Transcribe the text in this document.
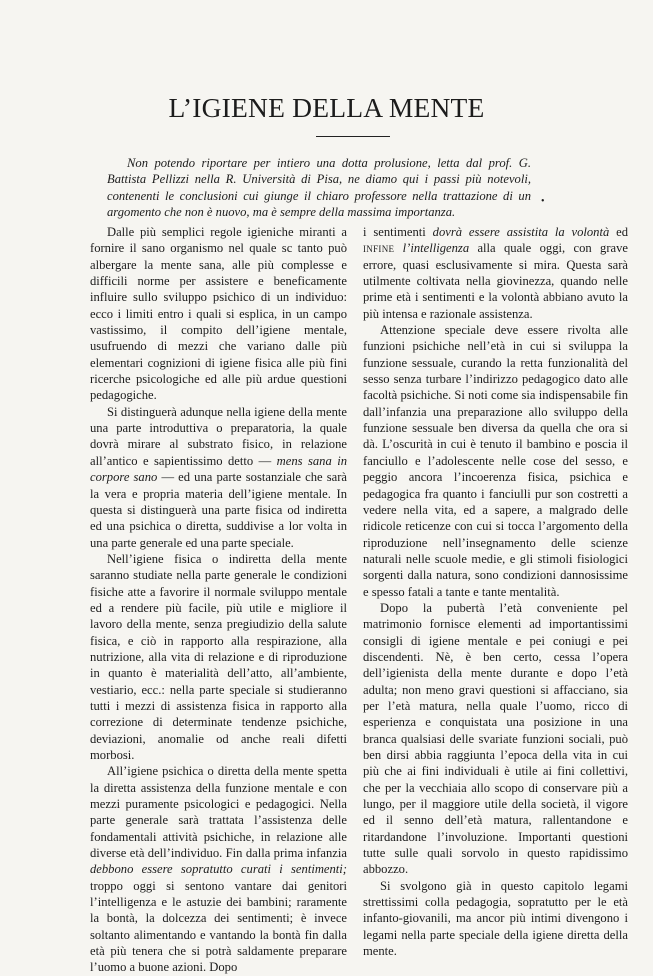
L’IGIENE DELLA MENTE

Non potendo riportare per intiero una dotta prolusione, letta dal prof. G. Battista Pellizzi nella R. Università di Pisa, ne diamo qui i passi più notevoli, contenenti le conclusioni cui giunge il chiaro professore nella trattazione di un argomento che non è nuovo, ma è sempre della massima importanza.
•

Dalle più semplici regole igieniche miranti a fornire il sano organismo nel quale sc tanto può albergare la mente sana, alle più complesse e difficili norme per assistere e beneficamente influire sullo sviluppo psichico di un individuo: ecco i limiti entro i quali si esplica, in un campo vastissimo, il compito dell’igiene mentale, usufruendo di mezzi che variano dalle più elementari cognizioni di igiene fisica alle più fini ricerche psicologiche ed alle più ardue questioni pedagogiche.

Si distinguerà adunque nella igiene della mente una parte introduttiva o preparatoria, la quale dovrà mirare al substrato fisico, in relazione all’antico e sapientissimo detto — mens sana in corpore sano — ed una parte sostanziale che sarà la vera e propria materia dell’igiene mentale. In questa si distinguerà una parte fisica od indiretta ed una psichica o diretta, suddivise a lor volta in una parte generale ed una parte speciale.

Nell’igiene fisica o indiretta della mente saranno studiate nella parte generale le condizioni fisiche atte a favorire il normale sviluppo mentale ed a rendere più facile, più utile e migliore il lavoro della mente, senza pregiudizio della salute fisica, e ciò in rapporto alla respirazione, alla nutrizione, alla vita di relazione e di riproduzione in quanto è materialità dell’atto, all’ambiente, vestiario, ecc.: nella parte speciale si studieranno tutti i mezzi di assistenza fisica in rapporto alla correzione di determinate tendenze psichiche, deviazioni, anomalie od anche reali difetti morbosi.

All’igiene psichica o diretta della mente spetta la diretta assistenza della funzione mentale e con mezzi puramente psicologici e pedagogici. Nella parte generale sarà trattata l’assistenza delle fondamentali attività psichiche, in relazione alle diverse età dell’individuo. Fin dalla prima infanzia debbono essere sopratutto curati i sentimenti; troppo oggi si sentono vantare dai genitori l’intelligenza e le astuzie dei bambini; raramente la bontà, la dolcezza dei sentimenti; è invece soltanto alimentando e vantando la bontà fin dalla età più tenera che si potrà saldamente preparare l’uomo a buone azioni. Dopo

i sentimenti dovrà essere assistita la volontà ed infine l’intelligenza alla quale oggi, con grave errore, quasi esclusivamente si mira. Questa sarà utilmente coltivata nella giovinezza, quando nelle prime età i sentimenti e la volontà abbiano avuto la più intensa e razionale assistenza.

Attenzione speciale deve essere rivolta alle funzioni psichiche nell’età in cui si sviluppa la funzione sessuale, curando la retta funzionalità del sesso senza turbare l’indirizzo pedagogico dato alle facoltà psichiche. Si noti come sia indispensabile fin dall’infanzia una preparazione allo sviluppo della funzione sessuale ben diversa da quella che ora si dà. L’oscurità in cui è tenuto il bambino e poscia il fanciullo e l’adolescente nelle cose del sesso, e peggio ancora l’incoerenza fisica, psichica e pedagogica fra quanto i fanciulli pur son costretti a vedere nella vita, ed a sapere, a malgrado delle ridicole reticenze con cui si tocca l’argomento della riproduzione nell’insegnamento delle scienze naturali nelle scuole medie, e gli stimoli fisiologici sorgenti dalla natura, sono condizioni dannosissime e spesso fatali a tante e tante mentalità.

Dopo la pubertà l’età conveniente pel matrimonio fornisce elementi ad importantissimi consigli di igiene mentale e pei coniugi e pei discendenti. Nè, è ben certo, cessa l’opera dell’igienista della mente durante e dopo l’età adulta; non meno gravi questioni si affacciano, sia per l’età matura, nella quale l’uomo, ricco di esperienza e conquistata una posizione in una branca qualsiasi delle svariate funzioni sociali, può ben dirsi abbia raggiunta l’epoca della vita in cui più che ai fini individuali è utile ai fini collettivi, che per la vecchiaia allo scopo di conservare più a lungo, per il maggiore utile della società, il vigore ed il senno dell’età matura, rallentandone e ritardandone l’involuzione. Importanti questioni tutte sulle quali sorvolo in questo rapidissimo abbozzo.

Si svolgono già in questo capitolo legami strettissimi colla pedagogia, sopratutto per le età infanto-giovanili, ma ancor più intimi divengono i legami nella parte speciale della igiene diretta della mente.
